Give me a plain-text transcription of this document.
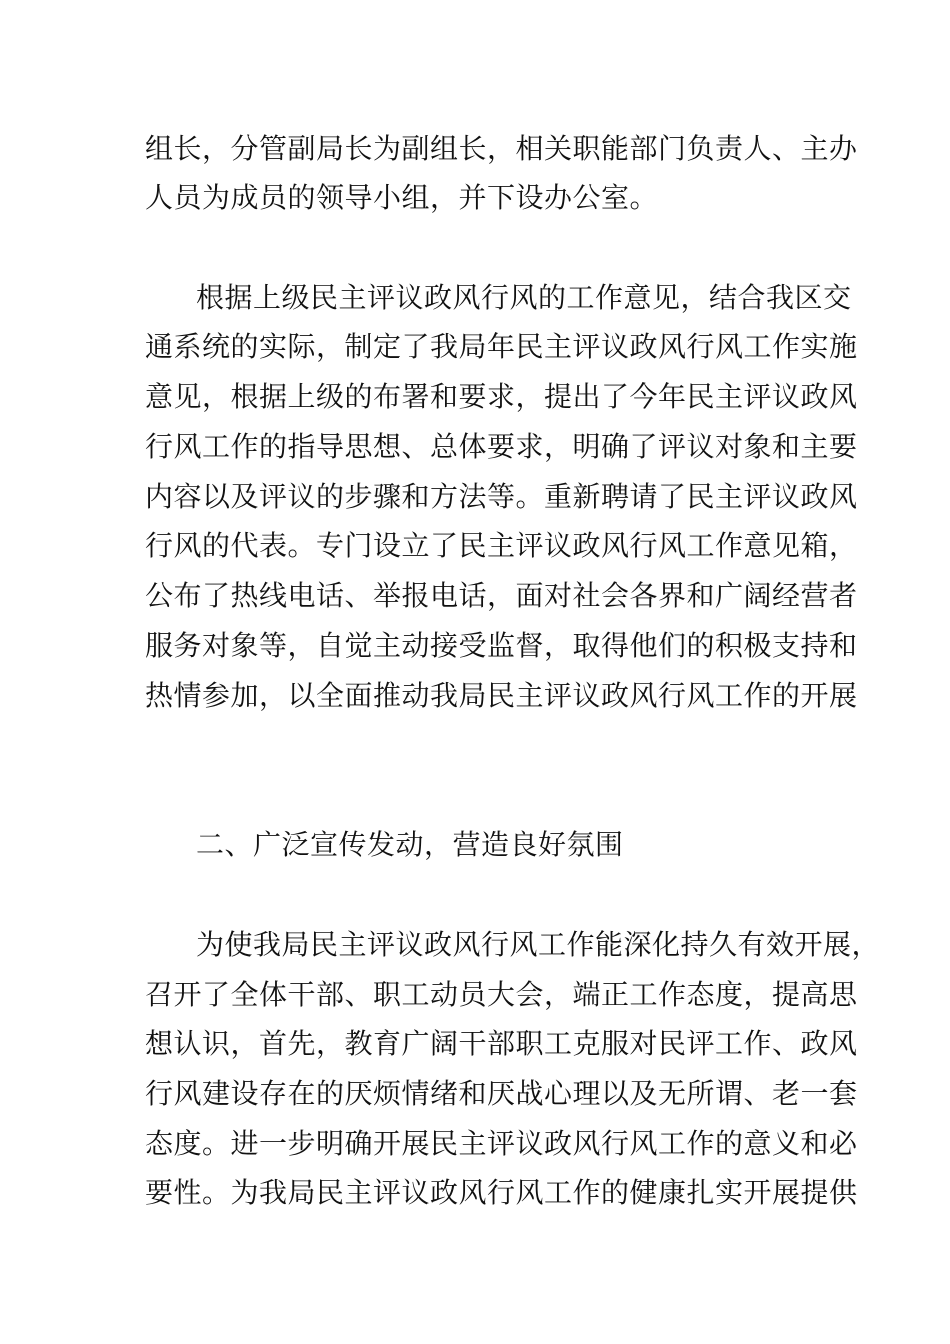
组长，分管副局长为副组长，相关职能部门负责人、主办
人员为成员的领导小组，并下设办公室。
根据上级民主评议政风行风的工作意见，结合我区交
通系统的实际，制定了我局年民主评议政风行风工作实施
意见，根据上级的布署和要求，提出了今年民主评议政风
行风工作的指导思想、总体要求，明确了评议对象和主要
内容以及评议的步骤和方法等。重新聘请了民主评议政风
行风的代表。专门设立了民主评议政风行风工作意见箱，
公布了热线电话、举报电话，面对社会各界和广阔经营者
服务对象等，自觉主动接受监督，取得他们的积极支持和
热情参加，以全面推动我局民主评议政风行风工作的开展
二、广泛宣传发动，营造良好氛围
为使我局民主评议政风行风工作能深化持久有效开展，
召开了全体干部、职工动员大会，端正工作态度，提高思
想认识，首先，教育广阔干部职工克服对民评工作、政风
行风建设存在的厌烦情绪和厌战心理以及无所谓、老一套
态度。进一步明确开展民主评议政风行风工作的意义和必
要性。为我局民主评议政风行风工作的健康扎实开展提供
